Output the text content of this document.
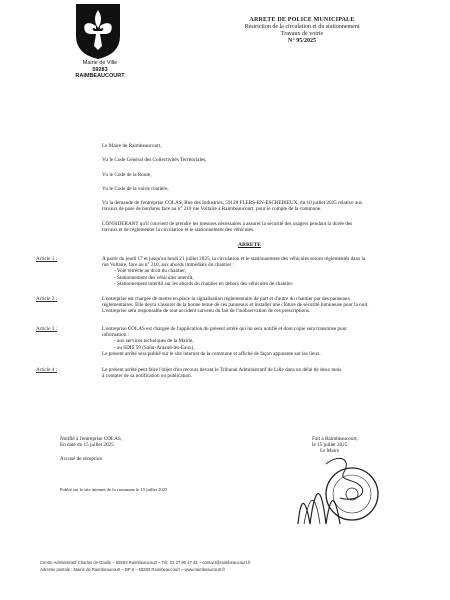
Mairie de Ville
59283 RAIMBEAUCOURT
ARRETE DE POLICE MUNICIPALE
Restriction de la circulation et du stationnement
Travaux de voirie
N° 95/2025
Le Maire de Raimbeaucourt,
Vu le Code Général des Collectivités Territoriales,
Vu le Code de la Route,
Vu le Code de la voirie routière,
Vu la demande de l'entreprise COLAS, Rue des Industries, 59128 FLERS-EN-ESCREBIEUX, du 10 juillet 2025 relative aux
travaux de pose de bordures face au n° 210 rue Voltaire à Raimbeaucourt, pour le compte de la commune.
CONSIDERANT qu'il convient de prendre les mesures nécessaires à assurer la sécurité des usagers pendant la durée des
travaux et de réglementer la circulation et le stationnement des véhicules.
ARRETE
Article 1 :	A partir du jeudi 17 et jusqu'au lundi 21 juillet 2025, la circulation et le stationnement des véhicules seront réglementés dans la
rue Voltaire, face au n° 210, aux abords immédiats du chantier :
- Voie rétrécie au droit du chantier,
- Stationnement des véhicules interdit,
- Stationnement interdit sur les abords du chantier en dehors des véhicules de chantier.
Article 2 :	L'entreprise est chargée de mettre en place la signalisation réglementaire de part et d'autre du chantier par des panneaux
réglementaires. Elle devra s'assurer de la bonne tenue de ces panneaux et installer une clôture de sécurité lumineuse pour la nuit.
L'entreprise sera responsable de tout accident survenu du fait de l'inobservation de ces prescriptions.
Article 3 :	L'entreprise COLAS est chargée de l'application du présent arrêté qui lui sera notifié et dont copie sera transmise pour
information :
- aux services techniques de la Mairie,
- au SDIS 59 (Saint-Amand-les-Eaux),
Le présent arrêté sera publié sur le site internet de la commune et affiché de façon apparente sur les lieux.
Article 4 :	Le présent arrêté peut faire l'objet d'un recours devant le Tribunal Administratif de Lille dans un délai de deux mois
à compter de sa notification ou publication.
Notifié à l'entreprise COLAS,
En date du 15 juillet 2025
Accusé de réception
Fait à Raimbeaucourt,
le 15 juillet 2025
Le Maire
Publié sur le site internet de la commune le 15 juillet 2025
Centre Administratif Charles de Gaulle – 59283 Raimbeaucourt – Tél. 03 27 80 47 41 – contact@raimbeaucourt.fr
Adresse postale : Mairie de Raimbeaucourt – BP 8 – 59283 Raimbeaucourt – www.raimbeaucourt.fr
